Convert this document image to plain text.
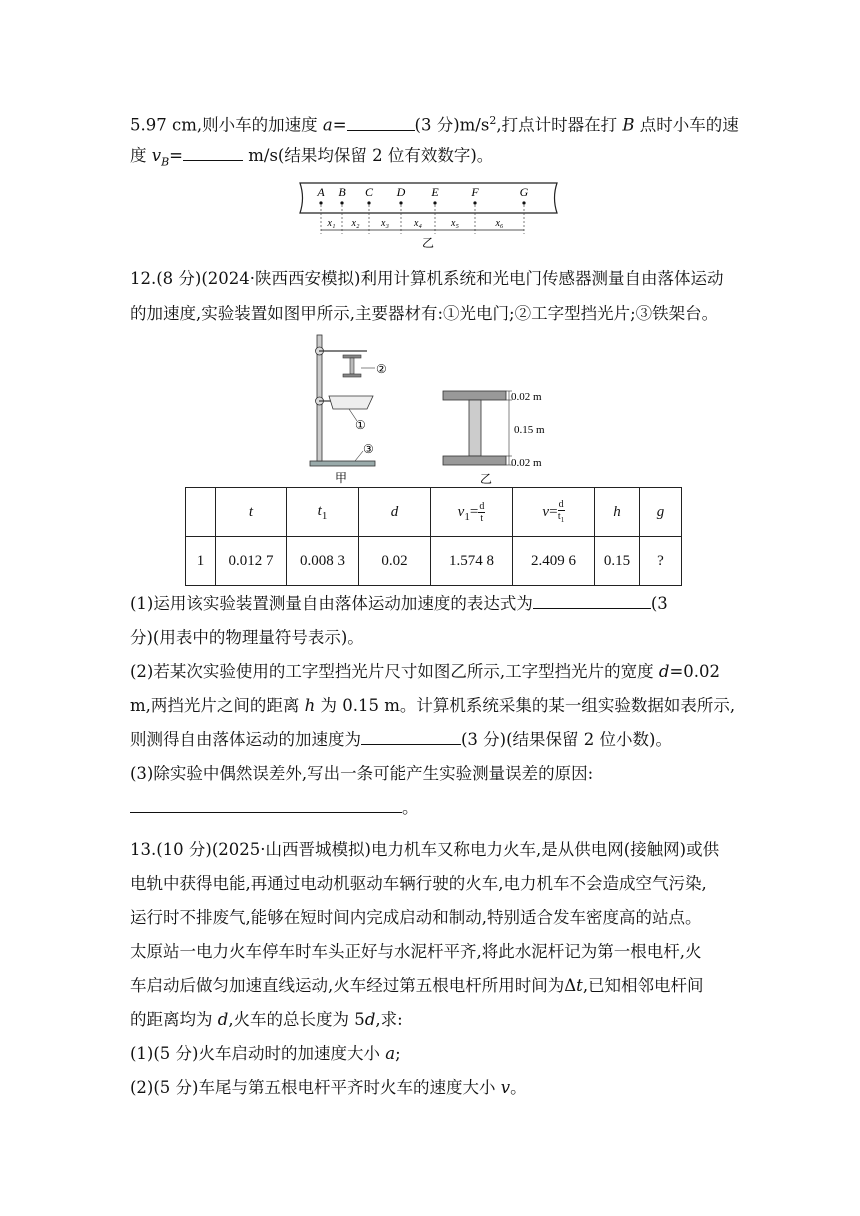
5.97 cm,则小车的加速度 a=	(3 分)$m/s^2$,打点计时器在打 B 点时小车的速
度 $v_B=$	m/s(结果均保留 2 位有效数字)。
A B C D E	F	G
x₁ x₂ x₃	x₄	x₅	x₆
乙
12.(8 分)(2024·陕西西安模拟)利用计算机系统和光电门传感器测量自由落体运动
的加速度,实验装置如图甲所示,主要器材有:①光电门;②工字型挡光片;③铁架台。
②
①
③
甲
0.02 m
0.15 m
0.02 m
乙
	t	$t_1$	d	$v_1= \frac{d}{t}$	$v= \frac{d}{t_1}$	h	g
1	0.012 7	0.008 3	0.02	1.574 8	2.409 6	0.15	?
(1)运用该实验装置测量自由落体运动加速度的表达式为	(3
分)(用表中的物理量符号表示)。
(2)若某次实验使用的工字型挡光片尺寸如图乙所示,工字型挡光片的宽度 d=0.02
m,两挡光片之间的距离 h 为 0.15 m。计算机系统采集的某一组实验数据如表所示,
则测得自由落体运动的加速度为	(3 分)(结果保留 2 位小数)。
(3)除实验中偶然误差外,写出一条可能产生实验测量误差的原因:
。
13.(10 分)(2025·山西晋城模拟)电力机车又称电力火车,是从供电网(接触网)或供
电轨中获得电能,再通过电动机驱动车辆行驶的火车,电力机车不会造成空气污染,
运行时不排废气,能够在短时间内完成启动和制动,特别适合发车密度高的站点。
太原站一电力火车停车时车头正好与水泥杆平齐,将此水泥杆记为第一根电杆,火
车启动后做匀加速直线运动,火车经过第五根电杆所用时间为Δt,已知相邻电杆间
的距离均为 d,火车的总长度为 5d,求:
(1)(5 分)火车启动时的加速度大小 a;
(2)(5 分)车尾与第五根电杆平齐时火车的速度大小 v。
